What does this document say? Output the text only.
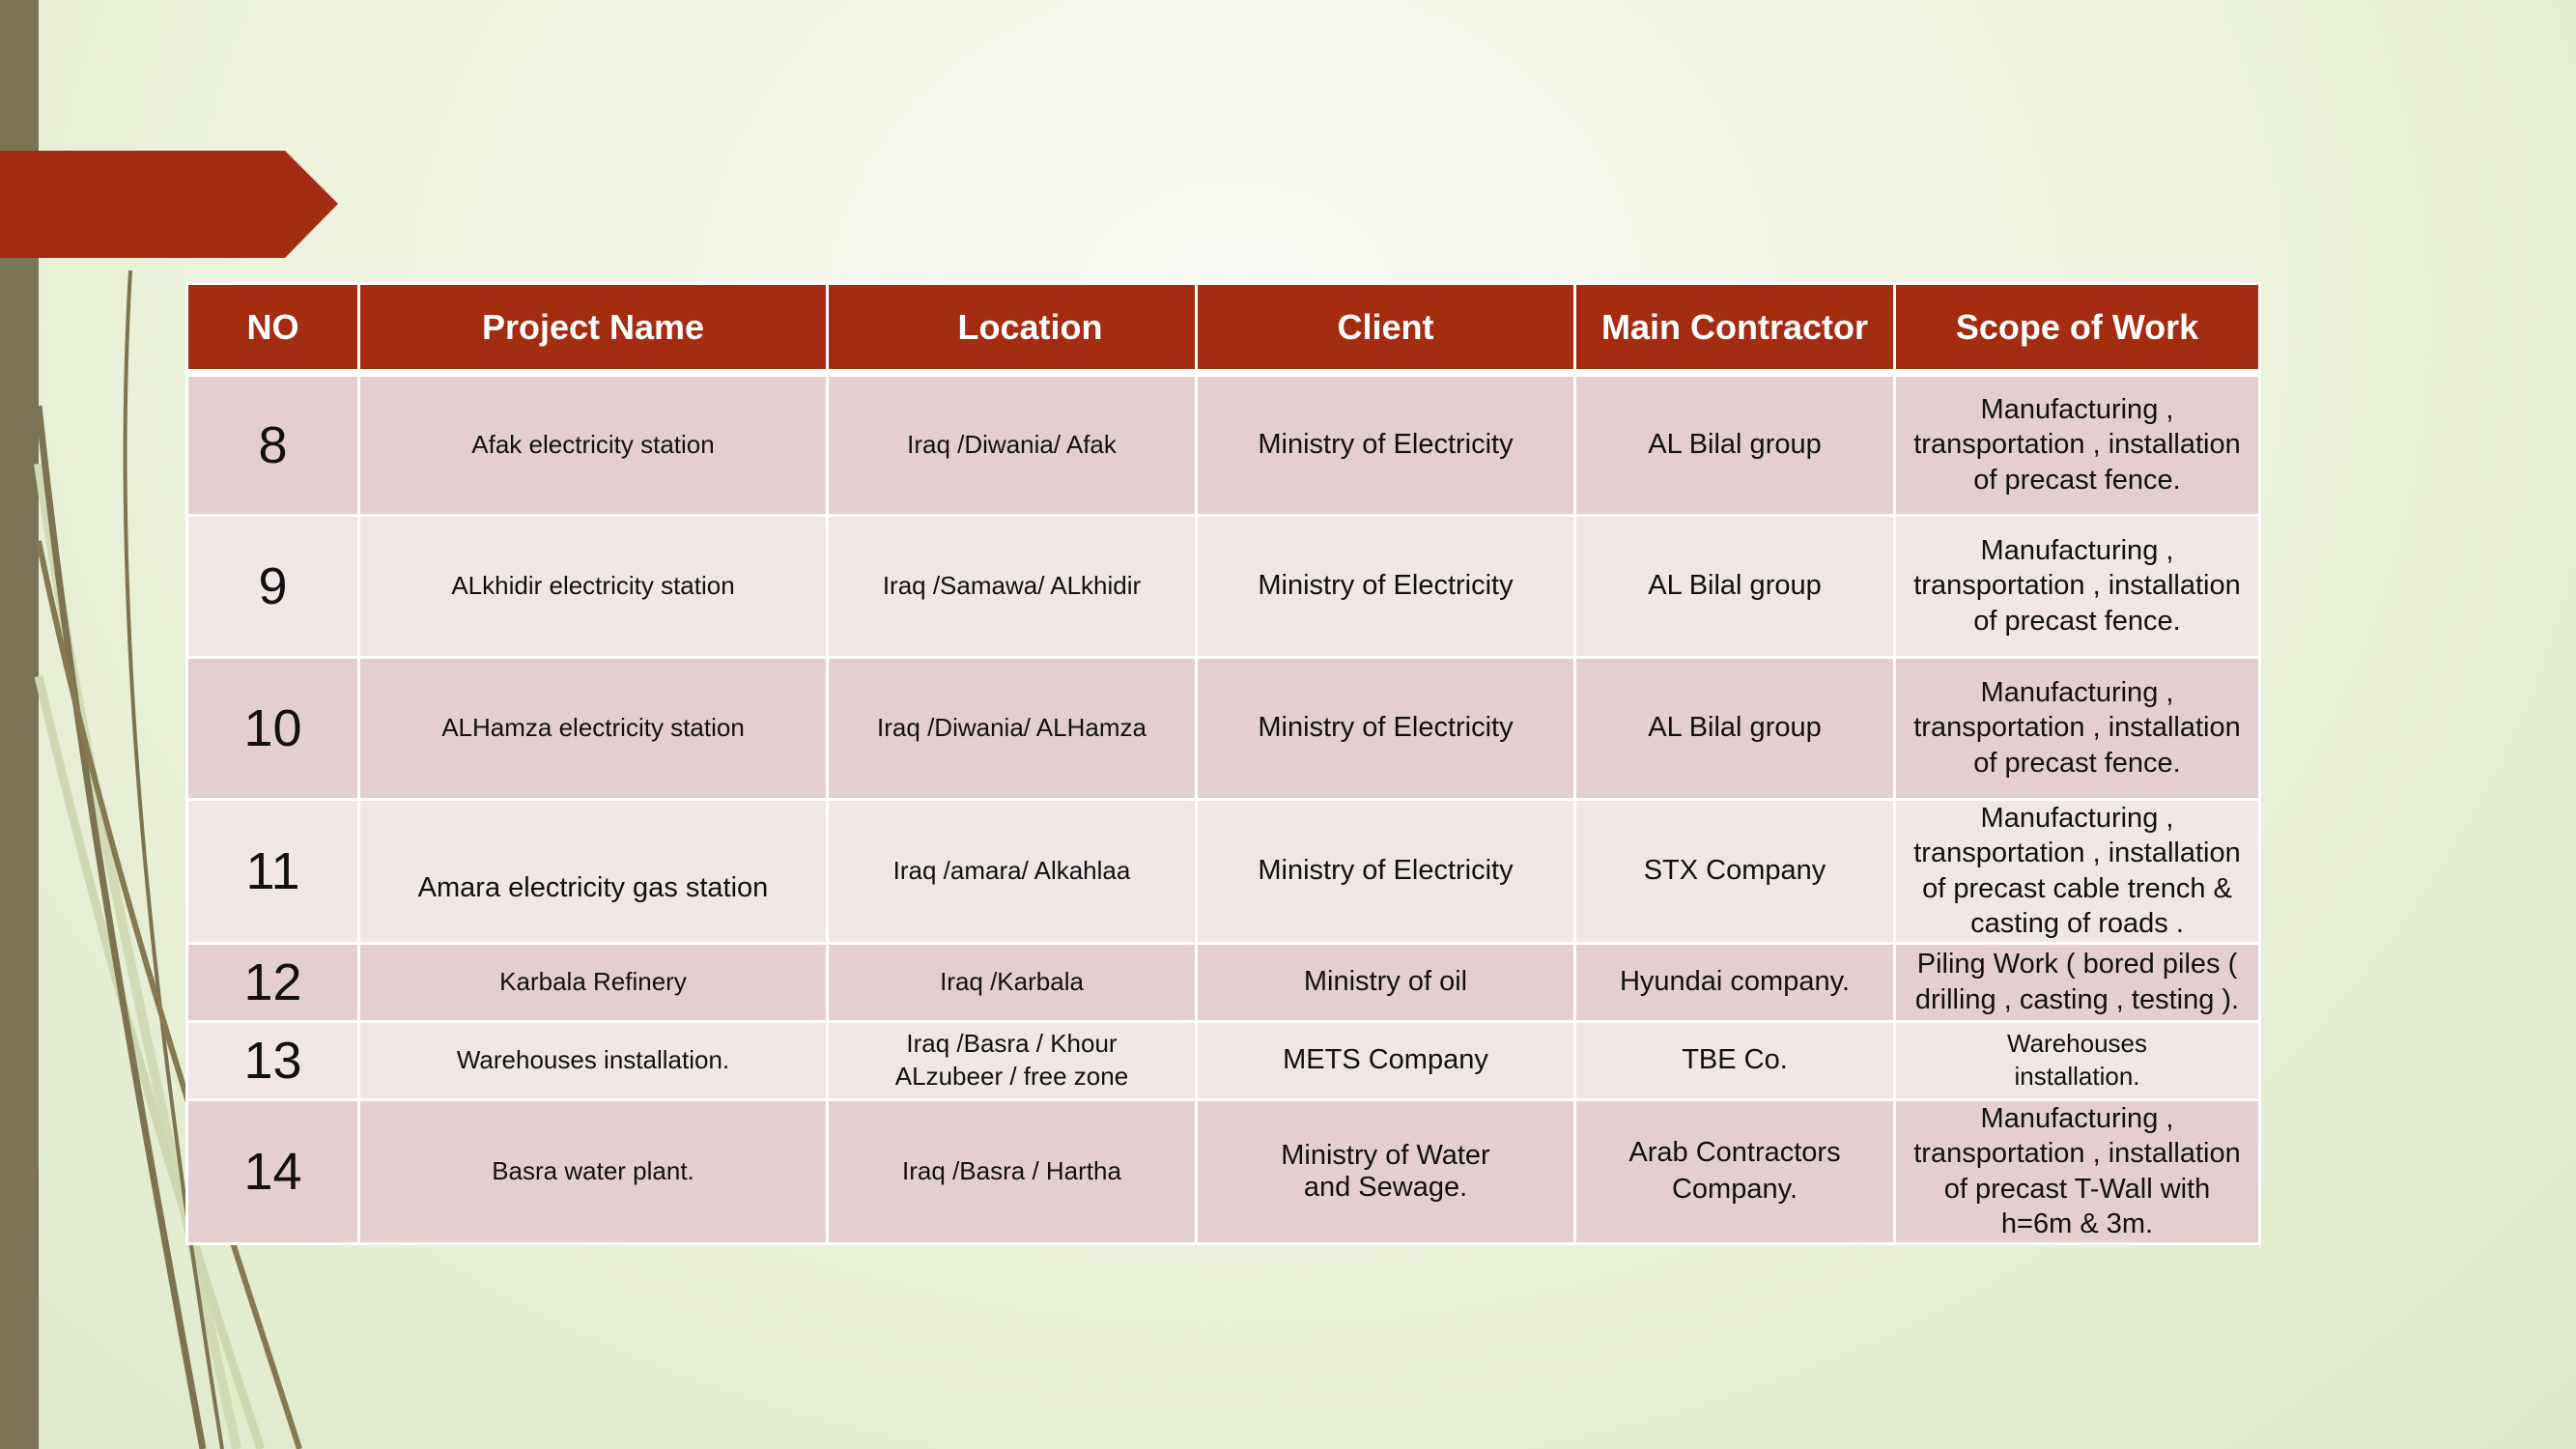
NO	Project Name	Location	Client	Main Contractor	Scope of Work
8	Afak electricity station	Iraq /Diwania/ Afak	Ministry of Electricity	AL Bilal group	Manufacturing , transportation , installation of precast fence.
9	ALkhidir electricity station	Iraq /Samawa/ ALkhidir	Ministry of Electricity	AL Bilal group	Manufacturing , transportation , installation of precast fence.
10	ALHamza electricity station	Iraq /Diwania/ ALHamza	Ministry of Electricity	AL Bilal group	Manufacturing , transportation , installation of precast fence.
11	Amara electricity gas station	Iraq /amara/ Alkahlaa	Ministry of Electricity	STX Company	Manufacturing , transportation , installation of precast cable trench & casting of roads .
12	Karbala Refinery	Iraq /Karbala	Ministry of oil	Hyundai company.	Piling Work ( bored piles ( drilling , casting , testing ).
13	Warehouses installation.	Iraq /Basra / Khour ALzubeer / free zone	METS Company	TBE Co.	Warehouses installation.
14	Basra water plant.	Iraq /Basra / Hartha	Ministry of Water and Sewage.	Arab Contractors Company.	Manufacturing , transportation , installation of precast T-Wall with h=6m & 3m.
